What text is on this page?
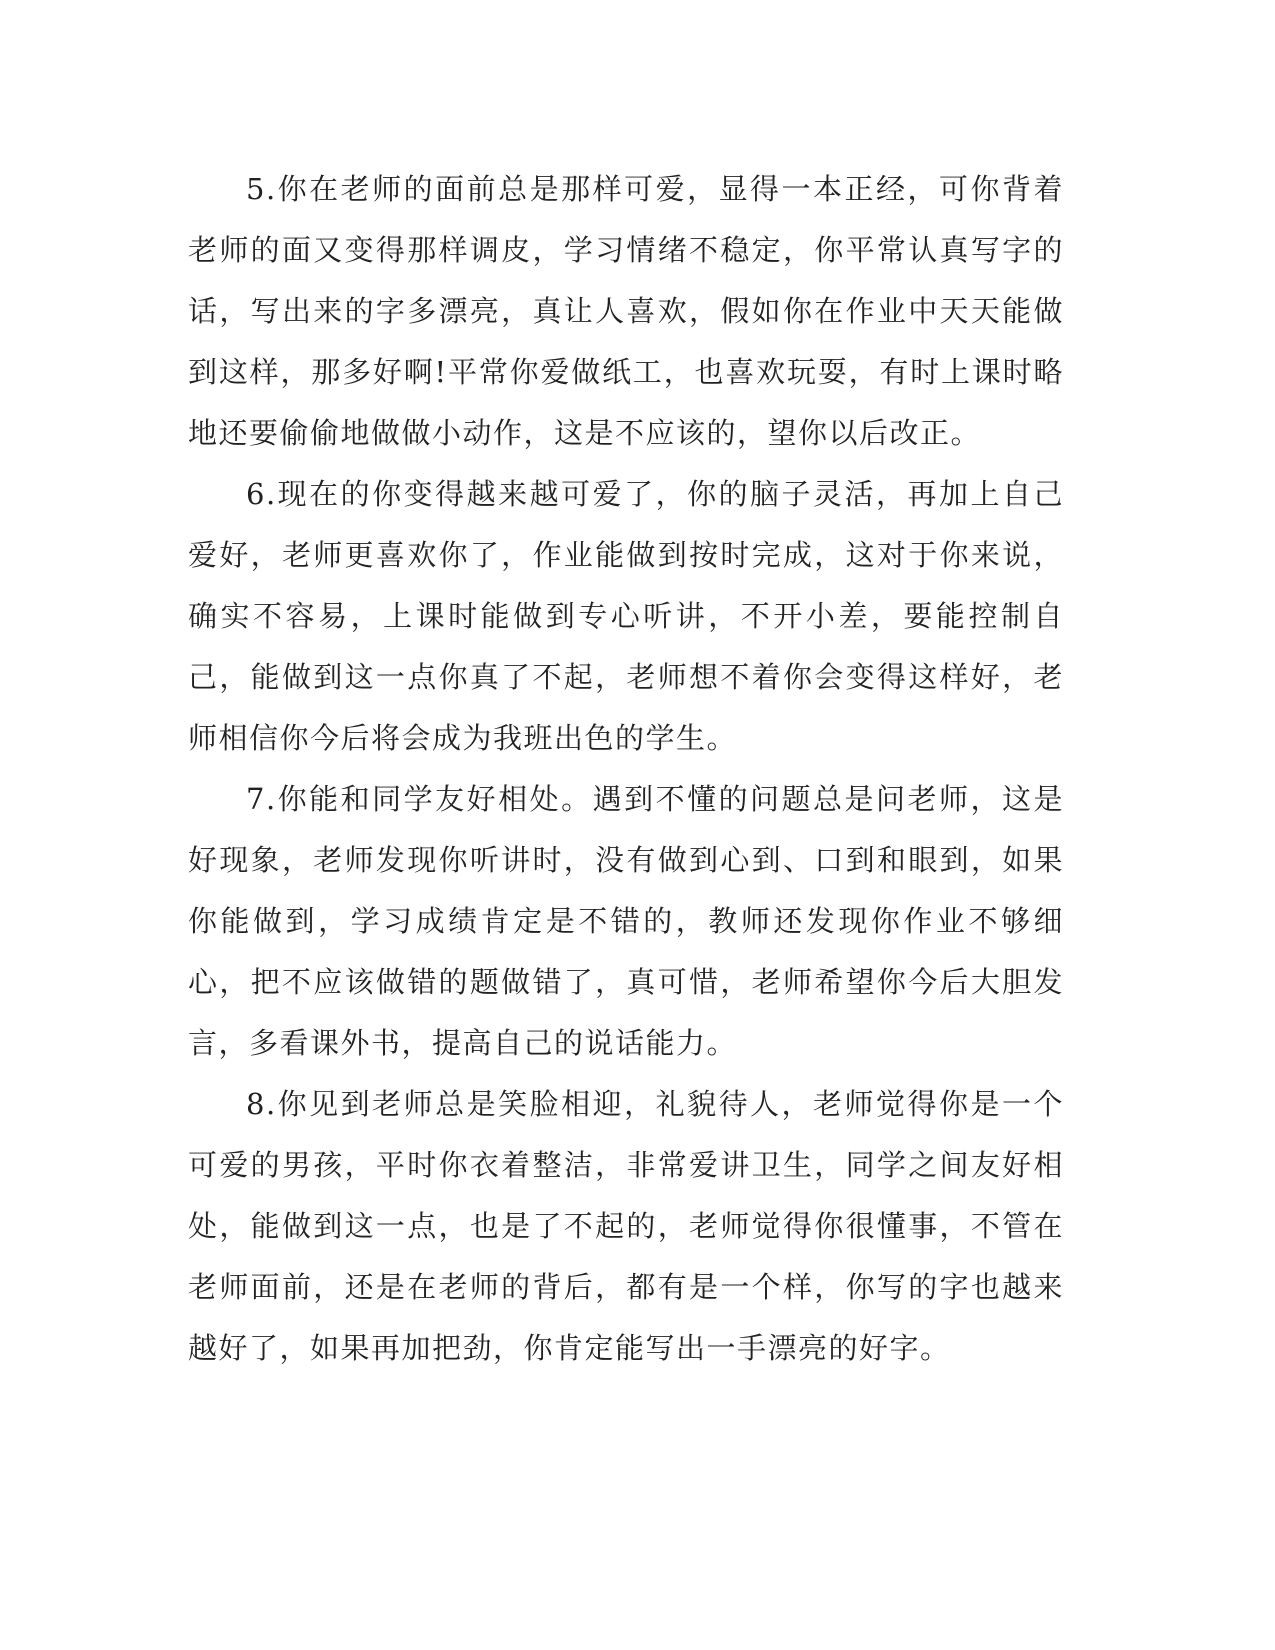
5.你在老师的面前总是那样可爱，显得一本正经，可你背着老师的面又变得那样调皮，学习情绪不稳定，你平常认真写字的话，写出来的字多漂亮，真让人喜欢，假如你在作业中天天能做到这样，那多好啊!平常你爱做纸工，也喜欢玩耍，有时上课时略地还要偷偷地做做小动作，这是不应该的，望你以后改正。

6.现在的你变得越来越可爱了，你的脑子灵活，再加上自己爱好，老师更喜欢你了，作业能做到按时完成，这对于你来说，确实不容易，上课时能做到专心听讲，不开小差，要能控制自己，能做到这一点你真了不起，老师想不着你会变得这样好，老师相信你今后将会成为我班出色的学生。

7.你能和同学友好相处。遇到不懂的问题总是问老师，这是好现象，老师发现你听讲时，没有做到心到、口到和眼到，如果你能做到，学习成绩肯定是不错的，教师还发现你作业不够细心，把不应该做错的题做错了，真可惜，老师希望你今后大胆发言，多看课外书，提高自己的说话能力。

8.你见到老师总是笑脸相迎，礼貌待人，老师觉得你是一个可爱的男孩，平时你衣着整洁，非常爱讲卫生，同学之间友好相处，能做到这一点，也是了不起的，老师觉得你很懂事，不管在老师面前，还是在老师的背后，都有是一个样，你写的字也越来越好了，如果再加把劲，你肯定能写出一手漂亮的好字。
